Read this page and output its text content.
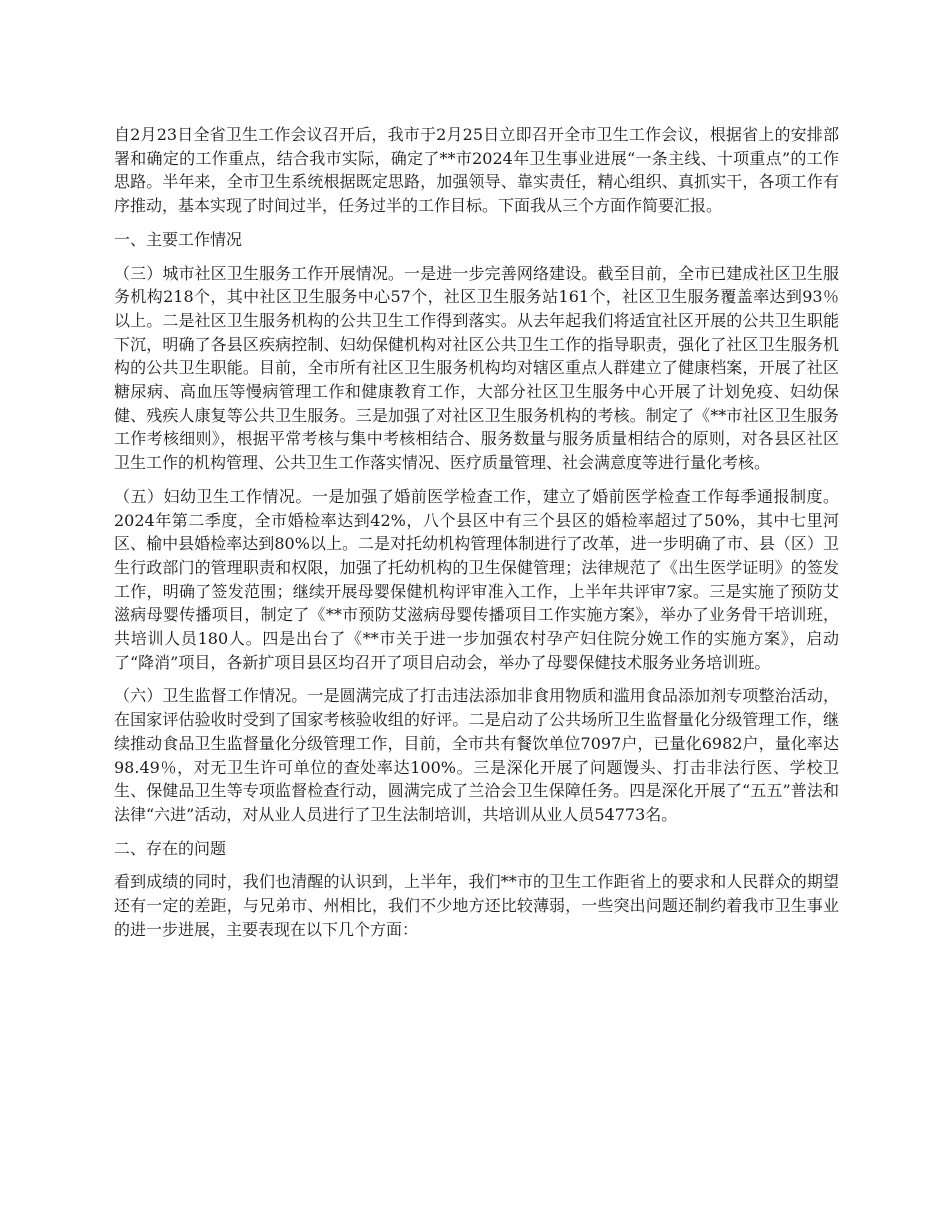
自2月23日全省卫生工作会议召开后，我市于2月25日立即召开全市卫生工作会议，根据省上的安排部署和确定的工作重点，结合我市实际，确定了**市2024年卫生事业进展“一条主线、十项重点”的工作思路。半年来，全市卫生系统根据既定思路，加强领导、靠实责任，精心组织、真抓实干，各项工作有序推动，基本实现了时间过半，任务过半的工作目标。下面我从三个方面作简要汇报。

一、主要工作情况

（三）城市社区卫生服务工作开展情况。一是进一步完善网络建设。截至目前，全市已建成社区卫生服务机构218个，其中社区卫生服务中心57个，社区卫生服务站161个，社区卫生服务覆盖率达到93％以上。二是社区卫生服务机构的公共卫生工作得到落实。从去年起我们将适宜社区开展的公共卫生职能下沉，明确了各县区疾病控制、妇幼保健机构对社区公共卫生工作的指导职责，强化了社区卫生服务机构的公共卫生职能。目前，全市所有社区卫生服务机构均对辖区重点人群建立了健康档案，开展了社区糖尿病、高血压等慢病管理工作和健康教育工作，大部分社区卫生服务中心开展了计划免疫、妇幼保健、残疾人康复等公共卫生服务。三是加强了对社区卫生服务机构的考核。制定了《**市社区卫生服务工作考核细则》，根据平常考核与集中考核相结合、服务数量与服务质量相结合的原则，对各县区社区卫生工作的机构管理、公共卫生工作落实情况、医疗质量管理、社会满意度等进行量化考核。

（五）妇幼卫生工作情况。一是加强了婚前医学检查工作，建立了婚前医学检查工作每季通报制度。2024年第二季度，全市婚检率达到42%，八个县区中有三个县区的婚检率超过了50%，其中七里河区、榆中县婚检率达到80%以上。二是对托幼机构管理体制进行了改革，进一步明确了市、县（区）卫生行政部门的管理职责和权限，加强了托幼机构的卫生保健管理；法律规范了《出生医学证明》的签发工作，明确了签发范围；继续开展母婴保健机构评审准入工作，上半年共评审7家。三是实施了预防艾滋病母婴传播项目，制定了《**市预防艾滋病母婴传播项目工作实施方案》，举办了业务骨干培训班，共培训人员180人。四是出台了《**市关于进一步加强农村孕产妇住院分娩工作的实施方案》，启动了“降消”项目，各新扩项目县区均召开了项目启动会，举办了母婴保健技术服务业务培训班。

（六）卫生监督工作情况。一是圆满完成了打击违法添加非食用物质和滥用食品添加剂专项整治活动，在国家评估验收时受到了国家考核验收组的好评。二是启动了公共场所卫生监督量化分级管理工作，继续推动食品卫生监督量化分级管理工作，目前，全市共有餐饮单位7097户，已量化6982户，量化率达98.49％，对无卫生许可单位的查处率达100%。三是深化开展了问题馒头、打击非法行医、学校卫生、保健品卫生等专项监督检查行动，圆满完成了兰洽会卫生保障任务。四是深化开展了“五五”普法和法律“六进”活动，对从业人员进行了卫生法制培训，共培训从业人员54773名。

二、存在的问题

看到成绩的同时，我们也清醒的认识到，上半年，我们**市的卫生工作距省上的要求和人民群众的期望还有一定的差距，与兄弟市、州相比，我们不少地方还比较薄弱，一些突出问题还制约着我市卫生事业的进一步进展，主要表现在以下几个方面：
